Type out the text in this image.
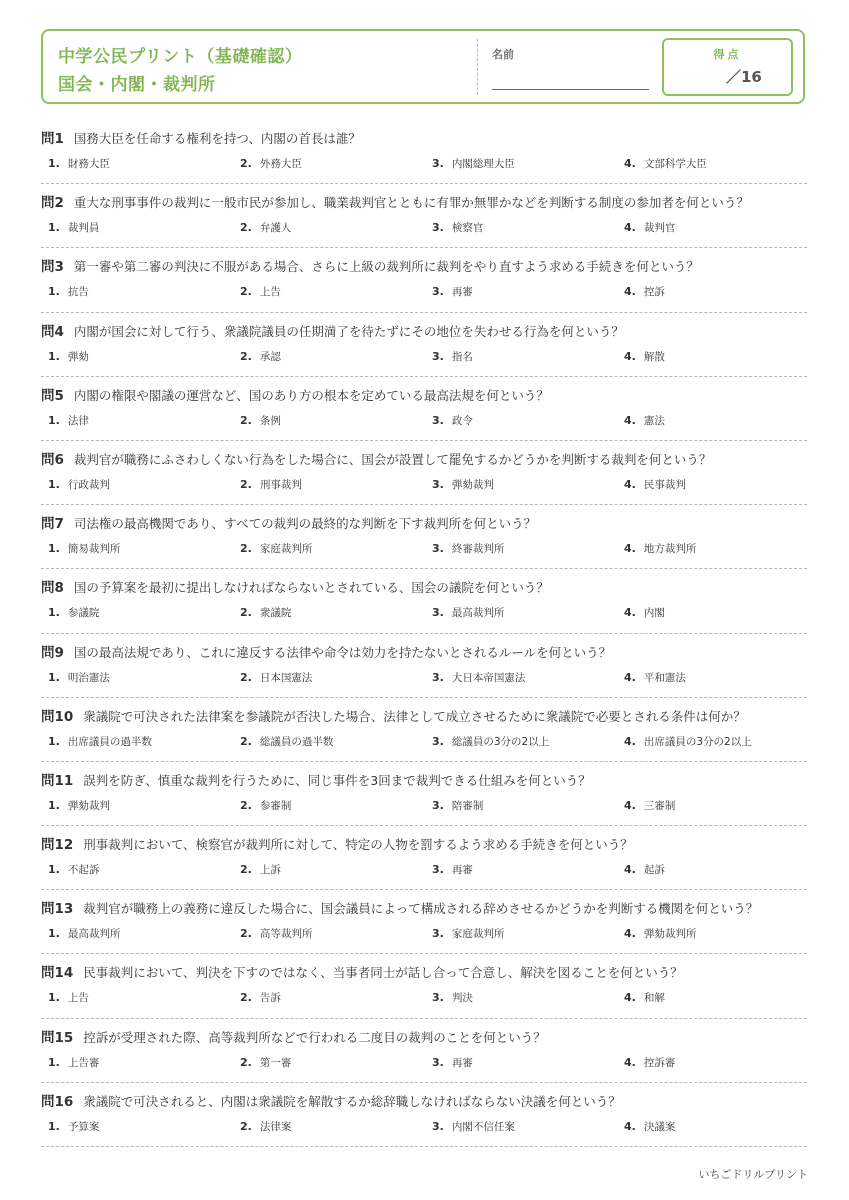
中学公民プリント（基礎確認）
国会・内閣・裁判所
名前	得点
／16
問1 国務大臣を任命する権利を持つ、内閣の首長は誰？
1. 財務大臣	2. 外務大臣	3. 内閣総理大臣	4. 文部科学大臣
問2 重大な刑事事件の裁判に一般市民が参加し、職業裁判官とともに有罪か無罪かなどを判断する制度の参加者を何という？
1. 裁判員	2. 弁護人	3. 検察官	4. 裁判官
問3 第一審や第二審の判決に不服がある場合、さらに上級の裁判所に裁判をやり直すよう求める手続きを何という？
1. 抗告	2. 上告	3. 再審	4. 控訴
問4 内閣が国会に対して行う、衆議院議員の任期満了を待たずにその地位を失わせる行為を何という？
1. 弾劾	2. 承認	3. 指名	4. 解散
問5 内閣の権限や閣議の運営など、国のあり方の根本を定めている最高法規を何という？
1. 法律	2. 条例	3. 政令	4. 憲法
問6 裁判官が職務にふさわしくない行為をした場合に、国会が設置して罷免するかどうかを判断する裁判を何という？
1. 行政裁判	2. 刑事裁判	3. 弾劾裁判	4. 民事裁判
問7 司法権の最高機関であり、すべての裁判の最終的な判断を下す裁判所を何という？
1. 簡易裁判所	2. 家庭裁判所	3. 終審裁判所	4. 地方裁判所
問8 国の予算案を最初に提出しなければならないとされている、国会の議院を何という？
1. 参議院	2. 衆議院	3. 最高裁判所	4. 内閣
問9 国の最高法規であり、これに違反する法律や命令は効力を持たないとされるルールを何という？
1. 明治憲法	2. 日本国憲法	3. 大日本帝国憲法	4. 平和憲法
問10 衆議院で可決された法律案を参議院が否決した場合、法律として成立させるために衆議院で必要とされる条件は何か？
1. 出席議員の過半数	2. 総議員の過半数	3. 総議員の3分の2以上	4. 出席議員の3分の2以上
問11 誤判を防ぎ、慎重な裁判を行うために、同じ事件を3回まで裁判できる仕組みを何という？
1. 弾劾裁判	2. 参審制	3. 陪審制	4. 三審制
問12 刑事裁判において、検察官が裁判所に対して、特定の人物を罰するよう求める手続きを何という？
1. 不起訴	2. 上訴	3. 再審	4. 起訴
問13 裁判官が職務上の義務に違反した場合に、国会議員によって構成される辞めさせるかどうかを判断する機関を何という？
1. 最高裁判所	2. 高等裁判所	3. 家庭裁判所	4. 弾劾裁判所
問14 民事裁判において、判決を下すのではなく、当事者同士が話し合って合意し、解決を図ることを何という？
1. 上告	2. 告訴	3. 判決	4. 和解
問15 控訴が受理された際、高等裁判所などで行われる二度目の裁判のことを何という？
1. 上告審	2. 第一審	3. 再審	4. 控訴審
問16 衆議院で可決されると、内閣は衆議院を解散するか総辞職しなければならない決議を何という？
1. 予算案	2. 法律案	3. 内閣不信任案	4. 決議案
いちごドリルプリント
